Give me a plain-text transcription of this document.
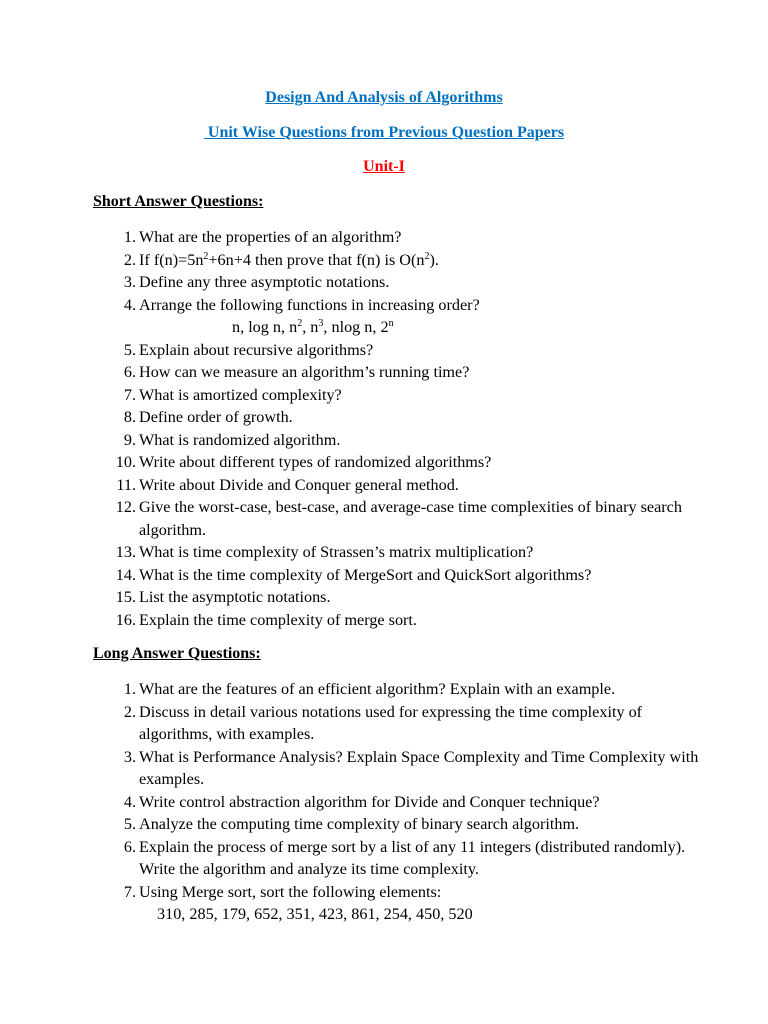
Design And Analysis of Algorithms
Unit Wise Questions from Previous Question Papers
Unit-I
Short Answer Questions:
1. What are the properties of an algorithm?
2. If $f(n)=5n^2+6n+4$ then prove that f(n) is $O(n^2)$.
3. Define any three asymptotic notations.
4. Arrange the following functions in increasing order?
n, log n, $n^2$, $n^3$, nlog n, 2$^n$
5. Explain about recursive algorithms?
6. How can we measure an algorithm’s running time?
7. What is amortized complexity?
8. Define order of growth.
9. What is randomized algorithm.
10. Write about different types of randomized algorithms?
11. Write about Divide and Conquer general method.
12. Give the worst-case, best-case, and average-case time complexities of binary search algorithm.
13. What is time complexity of Strassen’s matrix multiplication?
14. What is the time complexity of MergeSort and QuickSort algorithms?
15. List the asymptotic notations.
16. Explain the time complexity of merge sort.
Long Answer Questions:
1. What are the features of an efficient algorithm? Explain with an example.
2. Discuss in detail various notations used for expressing the time complexity of algorithms, with examples.
3. What is Performance Analysis? Explain Space Complexity and Time Complexity with examples.
4. Write control abstraction algorithm for Divide and Conquer technique?
5. Analyze the computing time complexity of binary search algorithm.
6. Explain the process of merge sort by a list of any 11 integers (distributed randomly). Write the algorithm and analyze its time complexity.
7. Using Merge sort, sort the following elements:
310, 285, 179, 652, 351, 423, 861, 254, 450, 520
